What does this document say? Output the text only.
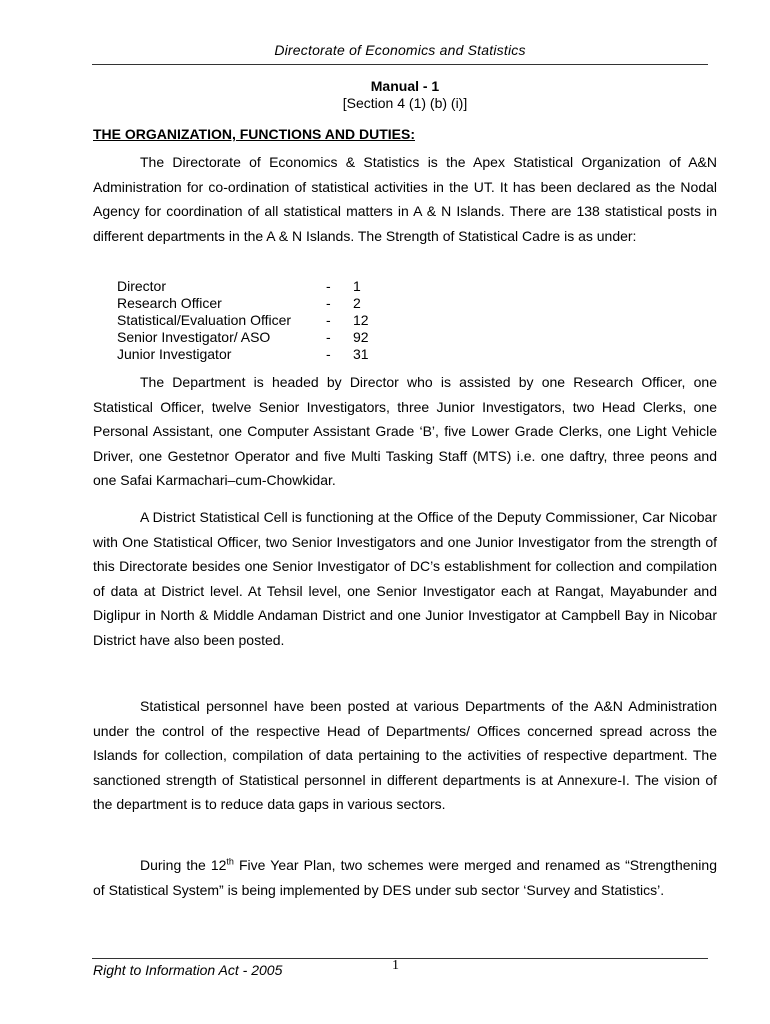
Directorate of Economics and Statistics
Manual - 1
[Section 4 (1) (b) (i)]
THE ORGANIZATION, FUNCTIONS AND DUTIES:

The Directorate of Economics & Statistics is the Apex Statistical Organization of A&N Administration for co-ordination of statistical activities in the UT. It has been declared as the Nodal Agency for coordination of all statistical matters in A & N Islands. There are 138 statistical posts in different departments in the A & N Islands. The Strength of Statistical Cadre is as under:

Director	-	1
Research Officer	-	2
Statistical/Evaluation Officer	-	12
Senior Investigator/ ASO	-	92
Junior Investigator	-	31

The Department is headed by Director who is assisted by one Research Officer, one Statistical Officer, twelve Senior Investigators, three Junior Investigators, two Head Clerks, one Personal Assistant, one Computer Assistant Grade ‘B’, five Lower Grade Clerks, one Light Vehicle Driver, one Gestetnor Operator and five Multi Tasking Staff (MTS) i.e. one daftry, three peons and one Safai Karmachari–cum-Chowkidar.

A District Statistical Cell is functioning at the Office of the Deputy Commissioner, Car Nicobar with One Statistical Officer, two Senior Investigators and one Junior Investigator from the strength of this Directorate besides one Senior Investigator of DC’s establishment for collection and compilation of data at District level. At Tehsil level, one Senior Investigator each at Rangat, Mayabunder and Diglipur in North & Middle Andaman District and one Junior Investigator at Campbell Bay in Nicobar District have also been posted.

Statistical personnel have been posted at various Departments of the A&N Administration under the control of the respective Head of Departments/ Offices concerned spread across the Islands for collection, compilation of data pertaining to the activities of respective department. The sanctioned strength of Statistical personnel in different departments is at Annexure-I. The vision of the department is to reduce data gaps in various sectors.

During the 12th Five Year Plan, two schemes were merged and renamed as “Strengthening of Statistical System” is being implemented by DES under sub sector ‘Survey and Statistics’.

Right to Information Act - 2005	1
